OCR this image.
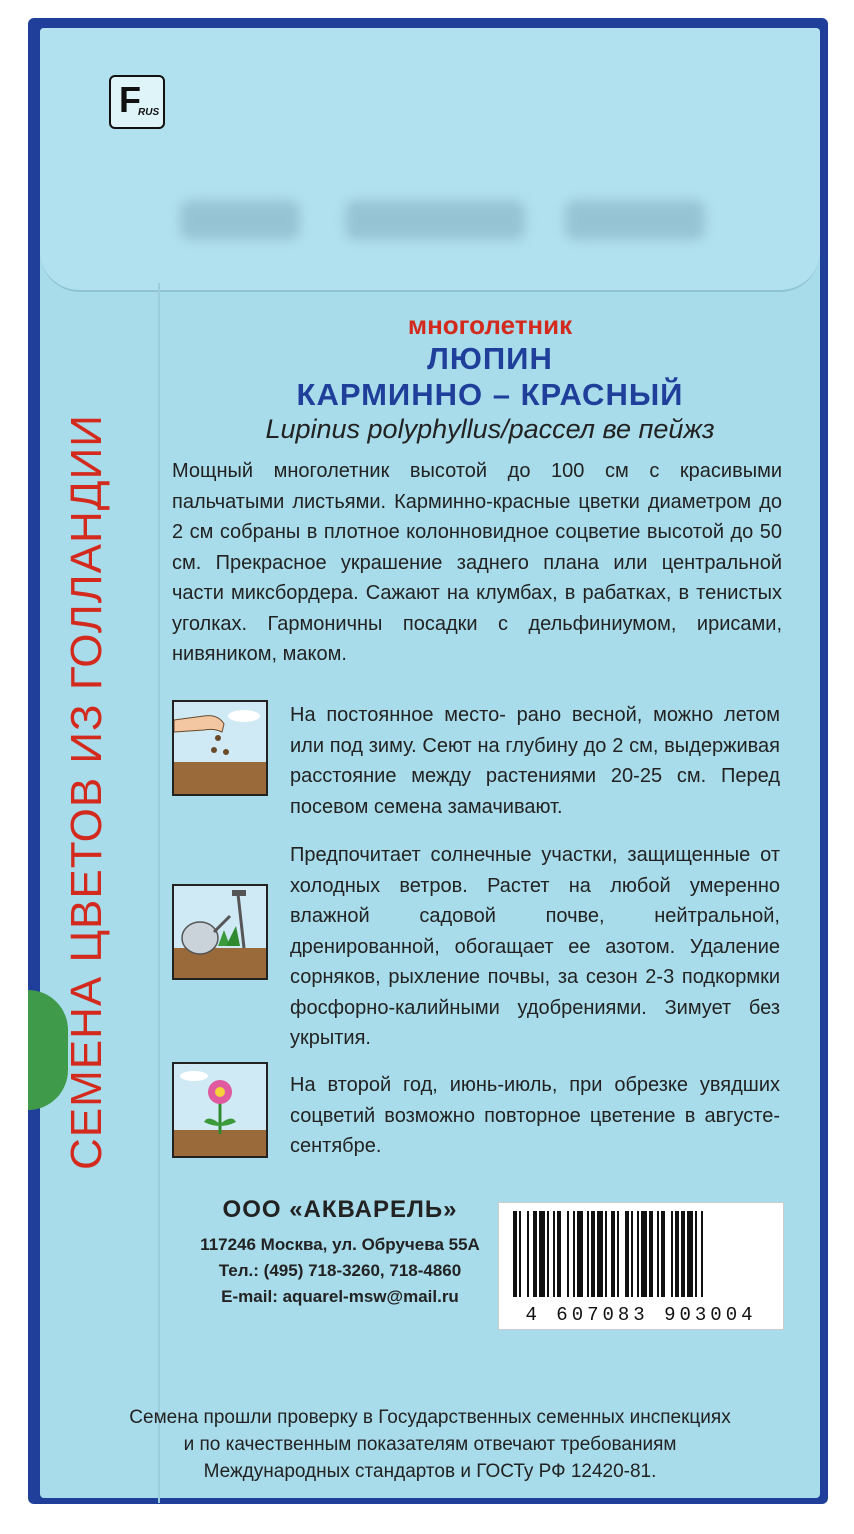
F
RUS
СЕМЕНА ЦВЕТОВ ИЗ ГОЛЛАНДИИ
многолетник
ЛЮПИН
КАРМИННО – КРАСНЫЙ
Lupinus polyphyllus/рассел ве пейжз
Мощный многолетник высотой до 100 см с красивыми пальчатыми листьями. Карминно-красные цветки диаметром до 2 см собраны в плотное колонновидное соцветие высотой до 50 см. Прекрасное украшение заднего плана или центральной части миксбордера. Сажают на клумбах, в рабатках, в тенистых уголках. Гармоничны посадки с дельфиниумом, ирисами, нивяником, маком.
На постоянное место- рано весной, можно летом или под зиму. Сеют на глубину до 2 см, выдерживая расстояние между растениями 20-25 см. Перед посевом семена замачивают.
Предпочитает солнечные участки, защищенные от холодных ветров. Растет на любой умеренно влажной садовой почве, нейтральной, дренированной, обогащает ее азотом. Удаление сорняков, рыхление почвы, за сезон 2-3 подкормки фосфорно-калийными удобрениями. Зимует без укрытия.
На второй год, июнь-июль, при обрезке увядших соцветий возможно повторное цветение в августе-сентябре.
ООО «АКВАРЕЛЬ»
117246 Москва, ул. Обручева 55А
Тел.: (495) 718-3260, 718-4860
E-mail: aquarel-msw@mail.ru
4 607083 903004
Семена прошли проверку в Государственных семенных инспекциях
и по качественным показателям отвечают требованиям
Международных стандартов и ГОСТу РФ 12420-81.
